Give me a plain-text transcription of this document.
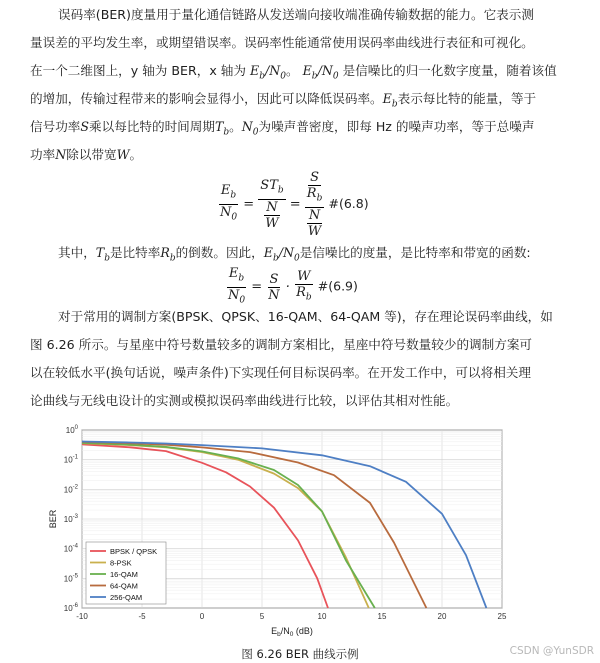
误码率(BER)度量用于量化通信链路从发送端向接收端准确传输数据的能力。它表示测
量误差的平均发生率，或期望错误率。误码率性能通常使用误码率曲线进行表征和可视化。
在一个二维图上，y 轴为 BER，x 轴为 $E_b/N_0$。 $E_b/N_0$ 是信噪比的归一化数字度量，随着该值
的增加，传输过程带来的影响会显得小，因此可以降低误码率。$E_b$表示每比特的能量，等于
信号功率S乘以每比特的时间周期$T_b$。$N_0$为噪声普密度，即每 Hz 的噪声功率，等于总噪声
功率N除以带宽W。
$\frac{E_b}{N_0} = ST_b$
N
W = S
$R_b$
N
W #(6.8)
其中，$T_b$是比特率$R_b$的倒数。因此，$E_b/N_0$是信噪比的度量，是比特率和带宽的函数:
$\frac{E_b}{N_0} = \frac{S}{N} \cdot \frac{W}{R_b}$ #(6.9)
对于常用的调制方案(BPSK、QPSK、16-QAM、64-QAM 等)，存在理论误码率曲线，如
图 6.26 所示。与星座中符号数量较多的调制方案相比，星座中符号数量较少的调制方案可
以在较低水平(换句话说，噪声条件)下实现任何目标误码率。在开发工作中，可以将相关理
论曲线与无线电设计的实测或模拟误码率曲线进行比较，以评估其相对性能。
-10	-5	0	5	10	15	20	25
$10^{-6}$
$10^{-5}$
$10^{-4}$
$10^{-3}$
$10^{-2}$
$10^{-1}$
$10^0$
BER
$E_b/N_0$ (dB)
BPSK / QPSK
8-PSK
16-QAM
64-QAM
256-QAM
图 6.26 BER 曲线示例	CSDN @YunSDR
